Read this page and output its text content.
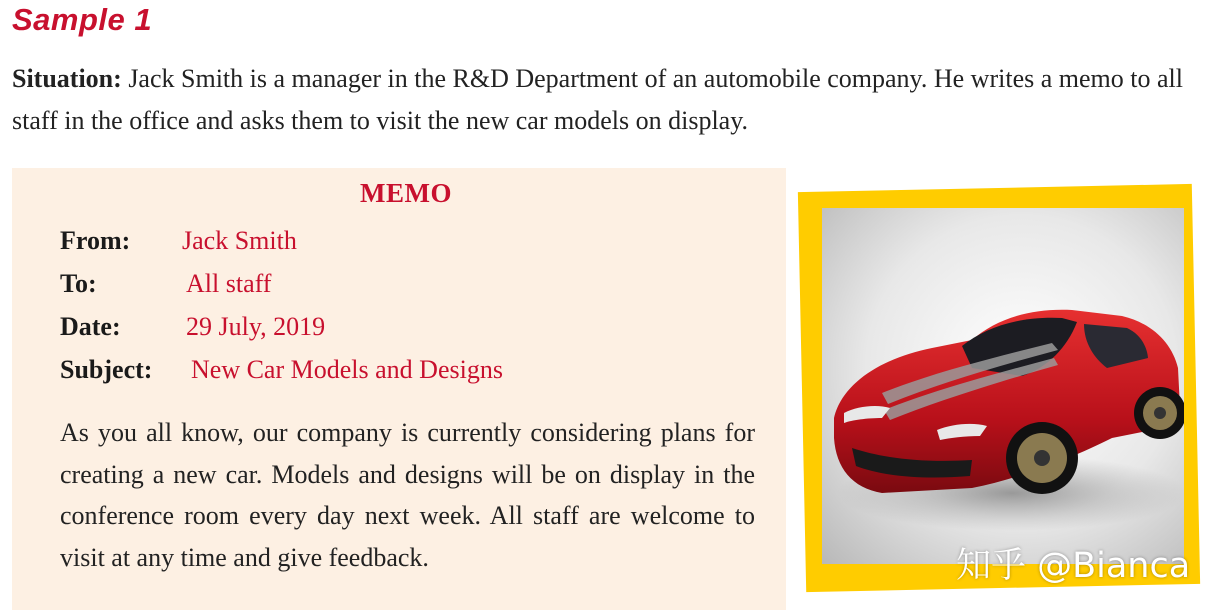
Sample 1
Situation: Jack Smith is a manager in the R&D Department of an automobile company. He writes a memo to all staff in the office and asks them to visit the new car models on display.
MEMO
From: Jack Smith
To:	All staff
Date:	29 July, 2019
Subject: New Car Models and Designs
As you all know, our company is currently considering plans for creating a new car. Models and designs will be on display in the conference room every day next week. All staff are welcome to visit at any time and give feedback.	知乎 @Bianca
